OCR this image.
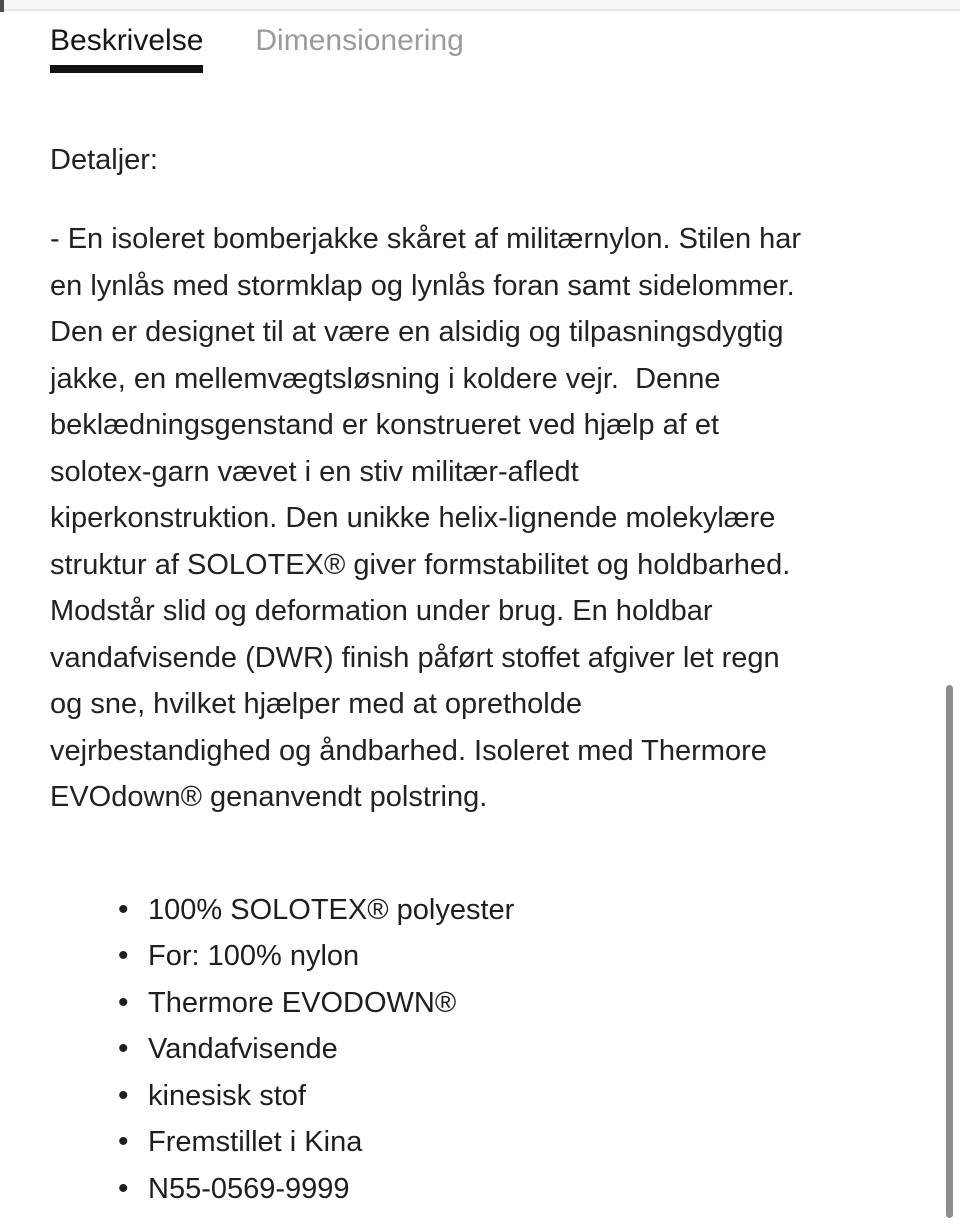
Beskrivelse Dimensionering
Detaljer:
- En isoleret bomberjakke skåret af militærnylon. Stilen har
en lynlås med stormklap og lynlås foran samt sidelommer.
Den er designet til at være en alsidig og tilpasningsdygtig
jakke, en mellemvægtsløsning i koldere vejr.  Denne
beklædningsgenstand er konstrueret ved hjælp af et
solotex-garn vævet i en stiv militær-afledt
kiperkonstruktion. Den unikke helix-lignende molekylære
struktur af SOLOTEX® giver formstabilitet og holdbarhed.
Modstår slid og deformation under brug. En holdbar
vandafvisende (DWR) finish påført stoffet afgiver let regn
og sne, hvilket hjælper med at opretholde
vejrbestandighed og åndbarhed. Isoleret med Thermore
EVOdown® genanvendt polstring.
• 100% SOLOTEX® polyester
• For: 100% nylon
• Thermore EVODOWN®
• Vandafvisende
• kinesisk stof
• Fremstillet i Kina
• N55-0569-9999
